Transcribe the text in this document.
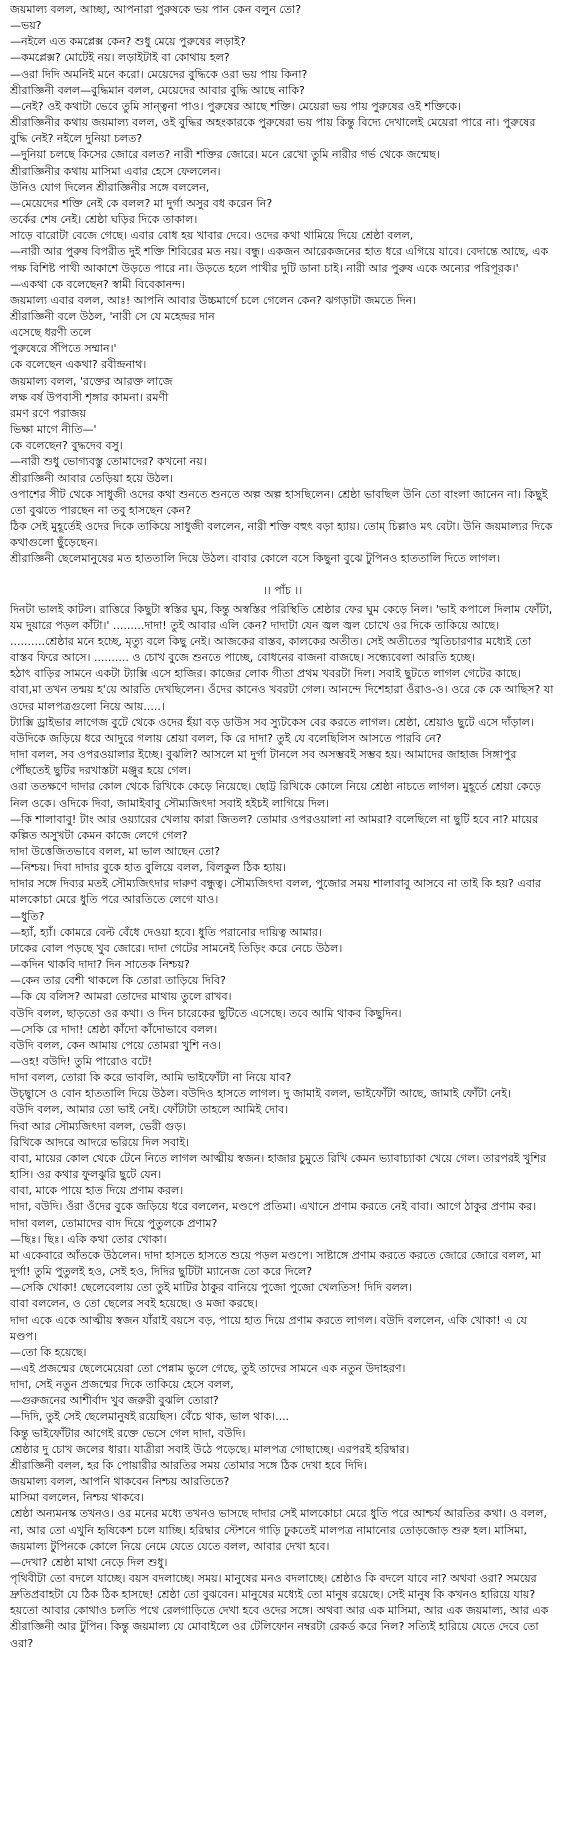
জয়মাল্য বলল, আচ্ছা, আপনারা পুরুষকে ভয় পান কেন বলুন তো?

—ভয়?

—নইলে এত কমপ্লেক্স কেন? শুধু মেয়ে পুরুষের লড়াই?

—কমপ্লেক্স? মোটেই নয়। লড়াইটাই বা কোথায় হল?

—ওরা দিদি অমনিই মনে করো। মেয়েদের বুদ্ধিকে ওরা ভয় পায় কিনা?

শ্রীরাজ্ঞিনী বলল—বুদ্ধিমান বলল, মেয়েদের আবার বুদ্ধি আছে নাকি?

—নেই? ওই কথাটা ভেবে তুমি সান্ত্বনা পাও। পুরুষের আছে শক্তি। মেয়েরা ভয় পায় পুরুষের ওই শক্তিকে।

শ্রীরাজ্ঞিনীর কথায় জয়মাল্য বলল, ওই বুদ্ধির অহংকারকে পুরুষেরা ভয় পায় কিন্তু বিদ্যে দেখালেই মেয়েরা পারে না। পুরুষের বুদ্ধি নেই? নইলে দুনিয়া চলত?

—দুনিয়া চলছে কিসের জোরে বলত? নারী শক্তির জোরে। মনে রেখো তুমি নারীর গর্ভ থেকে জন্মেছ।

শ্রীরাজ্ঞিনীর কথায় মাসিমা এবার হেসে ফেললেন।

উনিও যোগ দিলেন শ্রীরাজ্ঞিনীর সঙ্গে বললেন,

—মেয়েদের শক্তি নেই কে বলল? মা দুর্গা অসুর বধ করেন নি?

তর্কের শেষ নেই। শ্রেষ্ঠা ঘড়ির দিকে তাকাল।

সাড়ে বারোটা বেজে গেছে। এবার বোধ হয় খাবার দেবে। ওদের কথা থামিয়ে দিয়ে শ্রেষ্ঠা বলল,

—নারী আর পুরুষ বিপরীত দুই শক্তি শিবিরের মত নয়। বন্ধু। একজন আরেকজনের হাত ধরে এগিয়ে যাবে। বেদান্তে আছে, এক পক্ষ বিশিষ্ট পাখী আকাশে উড়তে পারে না। উড়তে হলে পাখীর দুটি ডানা চাই। নারী আর পুরুষ একে অন্যের পরিপূরক।'

—একথা কে বলেছেন? স্বামী বিবেকানন্দ।

জয়মাল্য এবার বলল, আঃ! আপনি আবার উচ্চমার্গে চলে গেলেন কেন? ঝগড়াটা জমতে দিন।

শ্রীরাজ্ঞিনী বলে উঠল, 'নারী সে যে মহেন্দ্রর দান

এসেছে ধরণী তলে

পুরুষেরে সঁপিতে সম্মান।'

কে বলেছেন একথা? রবীন্দ্রনাথ।

জয়মাল্য বলল, 'রক্তের আরক্ত লাজে

লক্ষ বর্ষ উপবাসী শৃঙ্গার কামনা। রমণী

রমণ রণে পরাজয়

ভিক্ষা মাগে নীতি—'

কে বলেছেন? বুদ্ধদেব বসু।

—নারী শুধু ভোগ্যবস্তু তোমাদের? কখনো নয়।

শ্রীরাজ্ঞিনী আবার তেড়িয়া হয়ে উঠল।

ওপাশের সীট থেকে সাধুজী ওদের কথা শুনতে শুনতে অল্প অল্প হাসছিলেন। শ্রেষ্ঠা ভাবছিল উনি তো বাংলা জানেন না। কিছুই তো বুঝতে পারছেন না তবু হাসছেন কেন?

ঠিক সেই মুহূর্তেই ওদের দিকে তাকিয়ে সাধুজী বললেন, নারী শক্তি বহুৎ বড়া হ্যায়। তোম্‌ চিল্লাও মৎ বেটা। উনি জয়মাল্যর দিকে কথাগুলো ছুঁড়েছেন।

শ্রীরাজ্ঞিনী ছেলেমানুষের মত হাততালি দিয়ে উঠল। বাবার কোলে বসে কিছুনা বুঝে টুপিনও হাততালি দিতে লাগল।

।। পাঁচ ।।

দিনটা ভালই কাটল। রাত্তিরে কিছুটা স্বস্তির ঘুম, কিন্তু অস্বস্তির পরিস্থিতি শ্রেষ্ঠার ফের ঘুম কেড়ে নিল। 'ভাই কপালে দিলাম ফোঁটা, যম দুয়ারে পড়ল কাঁটা।' .........দাদা! তুই আবার এলি কেন? দাদাটা যেন জ্বল জ্বল চোখে ওর দিকে তাকিয়ে আছে। ..........শ্রেষ্ঠার মনে হচ্ছে, মৃত্যু বলে কিছু নেই। আজকের বাস্তব, কালকের অতীত। সেই অতীতের স্মৃতিচারণার মধ্যেই তো বাস্তব ফিরে আসে। .......... ও চোখ বুজে শুনতে পাচ্ছে, বোধনের বাজনা বাজছে। সন্ধ্যেবেলা আরতি হচ্ছে।

হঠাৎ বাড়ির সামনে একটা ট্যাক্সি এসে হাজির। কাজের লোক গীতা প্রথম খবরটা দিল। সবাই ছুটতে লাগল গেটের কাছে। বাবা,মা তখন তন্ময় হ'য়ে আরতি দেখছিলেন। ওঁদের কানেও খবরটা গেল। আনন্দে দিশেহারা ওঁরাও-ও। ওরে কে কে আছিস? যা ওদের মালপত্রগুলো নিয়ে আয়.....।

ট্যাক্সি ড্রাইভার লাগেজ বুটে থেকে ওদের হঁয়া বড় ডাউস সব স্যুটকেস বের করতে লাগল। শ্রেষ্ঠা, শ্রেয়াও ছুটে এসে দাঁড়াল। বউদিকে জড়িয়ে ধরে আদুরে গলায় শ্রেয়া বলল, কি রে দাদা? তুই যে বলেছিলিস আসতে পারবি নে?

দাদা বলল, সব ওপরওয়ালার ইচ্ছে। বুঝলি? আসলে মা দুর্গা টানলে সব অসম্ভবই সম্ভব হয়। আমাদের জাহাজ সিঙ্গাপুর পৌঁছতেই ছুটির দরখাস্তটা মঞ্জুর হয়ে গেল।

ওরা ততক্ষণে দাদার কোল থেকে রিখিকে কেড়ে নিয়েছে। ছোট্ট রিখিকে কোলে নিয়ে শ্রেষ্ঠা নাচতে লাগল। মুহূর্তে শ্রেয়া কেড়ে নিল ওকে। ওদিকে দিবা, জামাইবাবু সৌম্যজিৎদা সবাই হইচই লাগিয়ে দিল।

—কি শালাবাবু! টাং আর ওয়্যারের খেলায় কারা জিতল? তোমার ওপরওয়ালা না আমরা? বলেছিলে না ছুটি হবে না? মায়ের কল্পিত অসুখটা কেমন কাজে লেগে গেল?

দাদা উত্তেজিতভাবে বলল, মা ভাল আছেন তো?

—নিশ্চয়। দিবা দাদার বুকে হাত বুলিয়ে বলল, বিলকুল ঠিক হ্যায়।

দাদার সঙ্গে দিব্যর মতই সৌম্যজিৎদার দারুণ বন্ধুত্ব। সৌম্যজিৎদা বলল, পুজোর সময় শালাবাবু আসবে না তাই কি হয়? এবার মালকোচা মেরে ধুতি পরে আরতিতে লেগে যাও।

—ধুতি?

—হ্যাঁ, হ্যাঁ। কোমরে বেল্ট বেঁধে দেওয়া হবে। ধুতি পরানোর দায়িত্ব আমার।

ঢাকের বোল পড়ছে খুব জোরে। দাদা গেটের সামনেই তিড়িং করে নেচে উঠল।

—কদিন থাকবি দাদা? দিন সাতেক নিশ্চয়?

—কেন তার বেশী থাকলে কি তোরা তাড়িয়ে দিবি?

—কি যে বলিস? আমরা তোদের মাথায় তুলে রাখব।

বউদি বলল, ছাড়তো ওর কথা। ও দিন চারেকের ছুটিতে এসেছে। তবে আমি থাকব কিছুদিন।

—সেকি রে দাদা! শ্রেষ্ঠা কাঁদো কাঁদোভাবে বলল।

বউদি বলল, কেন আমায় পেয়ে তোমরা খুশি নও।

—ওহ! বউদি! তুমি পারোও বটে!

দাদা বলল, তোরা কি করে ভাবলি, আমি ভাইফোঁটা না নিয়ে যাব?

উচ্ছ্বাসে ও বোন হাততালি দিয়ে উঠল। বউদিও হাসতে লাগল। দু জামাই বলল, ভাইফোঁটা আছে, জামাই ফোঁটা নেই।

বউদি বলল, আমার তো ভাই নেই। ফোঁটাটা তাহলে আমিই দোব।

দিবা আর সৌম্যজিৎদা বলল, ভেরী গুড়।

রিখিকে আদরে আদরে ভরিয়ে দিল সবাই।

বাবা, মায়ের কোল থেকে টেনে নিতে লাগল আত্মীয় স্বজন। হাজার চুমুতে রিখি কেমন ভ্যাবাচ্যাকা খেয়ে গেল। তারপরই খুশির হাসি। ওর কথার ফুলঝুরি ছুটে যেন।

বাবা, মাকে পায়ে হাত দিয়ে প্রণাম করল।

দাদা, বউদি। ওঁরা ওঁদের বুকে জড়িয়ে ধরে বললেন, মণ্ডপে প্রতিমা। এখানে প্রণাম করতে নেই বাবা। আগে ঠাকুর প্রণাম কর।

দাদা বলল, তোমাদের বাদ দিয়ে পুতুলকে প্রণাম?

—ছিঃ। ছিঃ। একি কথা তোর খোকা।

মা একেবারে আঁতকে উঠলেন। দাদা হাসতে হাসতে শুয়ে পড়ল মণ্ডপে। সাষ্টাঙ্গে প্রণাম করতে করতে জোরে জোরে বলল, মা দুর্গা! তুমি পুতুলই হও, সেই হও, দিদির ছুটিটা ম্যানেজ তো করে দিলে?

—সেকি খোকা! ছেলেবেলায় তো তুই মাটির ঠাকুর বানিয়ে পুজো পুজো খেলতিস! দিদি বলল।

বাবা বললেন, ও তো ছেলের সবই হয়েছে। ও মজা করছে।

দাদা একে একে আত্মীয় স্বজন যাঁরাই বয়সে বড়, পায়ে হাত দিয়ে প্রণাম করতে লাগল। বউদি বললেন, একি খোকা! এ যে মণ্ডপ।

—তো কি হয়েছে।

—এই প্রজন্মের ছেলেমেয়েরা তো পেন্নাম ভুলে গেছে, তুই তাদের সামনে এক নতুন উদাহরণ।

দাদা, সেই নতুন প্রজন্মের দিকে তাকিয়ে হেসে বলল,

—গুরুজনের আশীর্বাদ খুব জরুরী বুঝলি তোরা?

—দিদি, তুই সেই ছেলেমানুষই রয়েছিস। বেঁচে থাক, ভাল থাক।....

কিন্তু ভাইফোঁটার আগেই রক্তে ভেসে গেল দাদা, বউদি।

শ্রেষ্ঠার দু চোখ জলের ধারা। যাত্রীরা সবাই উঠে পড়েছে। মালপত্র গোছাচ্ছে। এরপরই হরিদ্বার।

শ্রীরাজ্ঞিনী বলল, হর কি পোয়ারীর আরতির সময় তোমার সঙ্গে ঠিক দেখা হবে দিদি।

জয়মাল্য বলল, আপনি থাকবেন নিশ্চয় আরতিতে?

মাসিমা বললেন, নিশ্চয় থাকবে।

শ্রেষ্ঠা অন্যমনস্ক তখনও। ওর মনের মধ্যে তখনও ভাসছে দাদার সেই মালকোচা মেরে ধুতি পরে আশ্চর্য আরতির কথা। ও বলল, না, আর তো এখুনি হৃষিকেশ চলে যাচ্ছি। হরিদ্বার স্টেশনে গাড়ি ঢুকতেই মালপত্র নামানোর তোড়জোড় শুরু হল। মাসিমা, জয়মাল্য টুপিনকে কোলে নিয়ে নেমে যেতে যেতে বলল, আবার দেখা হবে।

—দেখা? শ্রেষ্ঠা মাথা নেড়ে দিল শুধু।

পৃথিবীটা তো বদলে যাচ্ছে। বয়স বদলাচ্ছে। সময়। মানুষের মনও বদলাচ্ছে। শ্রেষ্ঠাও কি বদলে যাবে না? অথবা ওরা? সময়ের দ্রুতিপ্রবাহটা যে ঠিক ঠিক হাসছে! শ্রেষ্ঠা তো বুঝবেন। মানুষের মধ্যেই তো মানুষ রয়েছে। সেই মানুষ কি কখনও হারিয়ে যায়? হয়তো আবার কোথাও চলতি পথে রেলগাড়িতে দেখা হবে ওদের সঙ্গে। অথবা আর এক মাসিমা, আর এক জয়মাল্য, আর এক শ্রীরাজ্ঞিনী আর টুপিন। কিন্তু জয়মাল্য যে মোবাইলে ওর টেলিফোন নম্বরটা রেকর্ড করে নিল? সত্যিই হারিয়ে যেতে দেবে তো ওরা?
